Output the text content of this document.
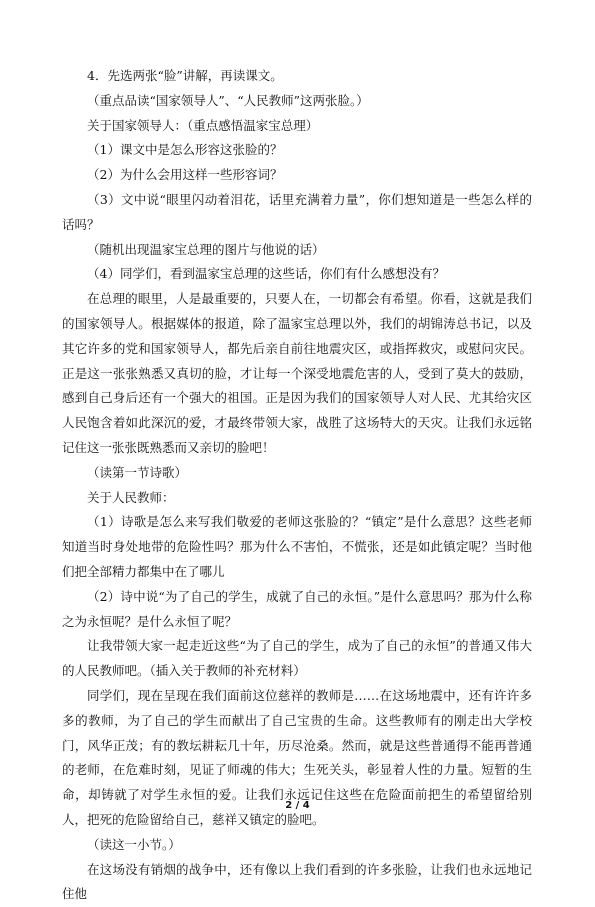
4．先选两张“脸”讲解，再读课文。

（重点品读“国家领导人”、“人民教师”这两张脸。）

关于国家领导人：（重点感悟温家宝总理）

（1）课文中是怎么形容这张脸的？

（2）为什么会用这样一些形容词？

（3）文中说“眼里闪动着泪花，话里充满着力量”，你们想知道是一些怎么样的话吗？

（随机出现温家宝总理的图片与他说的话）

（4）同学们，看到温家宝总理的这些话，你们有什么感想没有？

在总理的眼里，人是最重要的，只要人在，一切都会有希望。你看，这就是我们的国家领导人。根据媒体的报道，除了温家宝总理以外，我们的胡锦涛总书记，以及其它许多的党和国家领导人，都先后亲自前往地震灾区，或指挥救灾，或慰问灾民。正是这一张张熟悉又真切的脸，才让每一个深受地震危害的人，受到了莫大的鼓励，感到自己身后还有一个强大的祖国。正是因为我们的国家领导人对人民、尤其给灾区人民饱含着如此深沉的爱，才最终带领大家，战胜了这场特大的天灾。让我们永远铭记住这一张张既熟悉而又亲切的脸吧！

（读第一节诗歌）

关于人民教师：

（1）诗歌是怎么来写我们敬爱的老师这张脸的？“镇定”是什么意思？这些老师知道当时身处地带的危险性吗？那为什么不害怕，不慌张，还是如此镇定呢？当时他们把全部精力都集中在了哪儿

（2）诗中说“为了自己的学生，成就了自己的永恒。”是什么意思吗？那为什么称之为永恒呢？是什么永恒了呢？

让我带领大家一起走近这些“为了自己的学生，成为了自己的永恒”的普通又伟大的人民教师吧。（插入关于教师的补充材料）

同学们，现在呈现在我们面前这位慈祥的教师是……在这场地震中，还有许许多多的教师，为了自己的学生而献出了自己宝贵的生命。这些教师有的刚走出大学校门，风华正茂；有的教坛耕耘几十年，历尽沧桑。然而，就是这些普通得不能再普通的老师，在危难时刻，见证了师魂的伟大；生死关头，彰显着人性的力量。短暂的生命，却铸就了对学生永恒的爱。让我们永远记住这些在危险面前把生的希望留给别人，把死的危险留给自己，慈祥又镇定的脸吧。

（读这一小节。）

在这场没有销烟的战争中，还有像以上我们看到的许多张脸，让我们也永远地记住他

2 / 4
